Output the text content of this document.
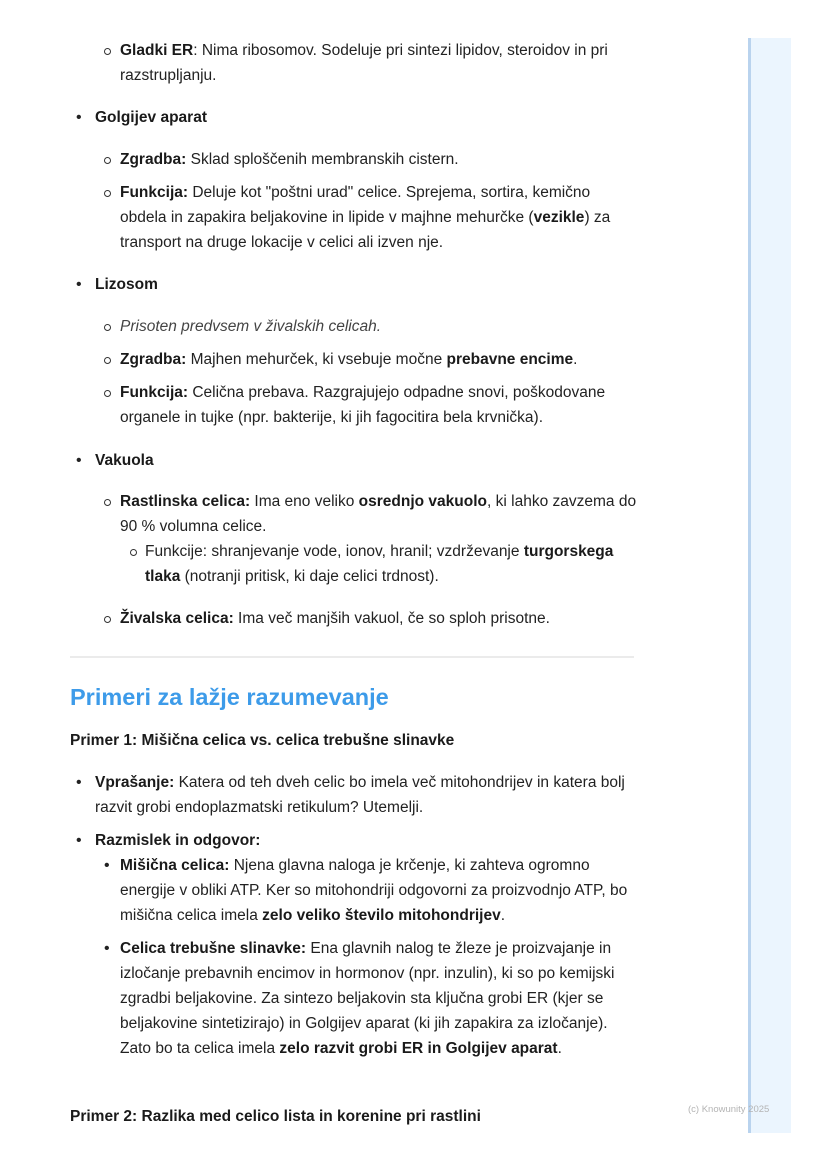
Gladki ER: Nima ribosomov. Sodeluje pri sintezi lipidov, steroidov in pri razstrupljanju.
• Golgijev aparat
Zgradba: Sklad sploščenih membranskih cistern.
Funkcija: Deluje kot "poštni urad" celice. Sprejema, sortira, kemično obdela in zapakira beljakovine in lipide v majhne mehurčke (vezikle) za transport na druge lokacije v celici ali izven nje.
• Lizosom
Prisoten predvsem v živalskih celicah.
Zgradba: Majhen mehurček, ki vsebuje močne prebavne encime.
Funkcija: Celična prebava. Razgrajujejo odpadne snovi, poškodovane organele in tujke (npr. bakterije, ki jih fagocitira bela krvnička).
• Vakuola
Rastlinska celica: Ima eno veliko osrednjo vakuolo, ki lahko zavzema do 90 % volumna celice.
Funkcije: shranjevanje vode, ionov, hranil; vzdrževanje turgorskega tlaka (notranji pritisk, ki daje celici trdnost).
Živalska celica: Ima več manjših vakuol, če so sploh prisotne.
Primeri za lažje razumevanje
Primer 1: Mišična celica vs. celica trebušne slinavke
• Vprašanje: Katera od teh dveh celic bo imela več mitohondrijev in katera bolj razvit grobi endoplazmatski retikulum? Utemelji.
• Razmislek in odgovor:
• Mišična celica: Njena glavna naloga je krčenje, ki zahteva ogromno energije v obliki ATP. Ker so mitohondriji odgovorni za proizvodnjo ATP, bo mišična celica imela zelo veliko število mitohondrijev.
• Celica trebušne slinavke: Ena glavnih nalog te žleze je proizvajanje in izločanje prebavnih encimov in hormonov (npr. inzulin), ki so po kemijski zgradbi beljakovine. Za sintezo beljakovin sta ključna grobi ER (kjer se beljakovine sintetizirajo) in Golgijev aparat (ki jih zapakira za izločanje). Zato bo ta celica imela zelo razvit grobi ER in Golgijev aparat.
Primer 2: Razlika med celico lista in korenine pri rastlini	(c) Knowunity 2025
